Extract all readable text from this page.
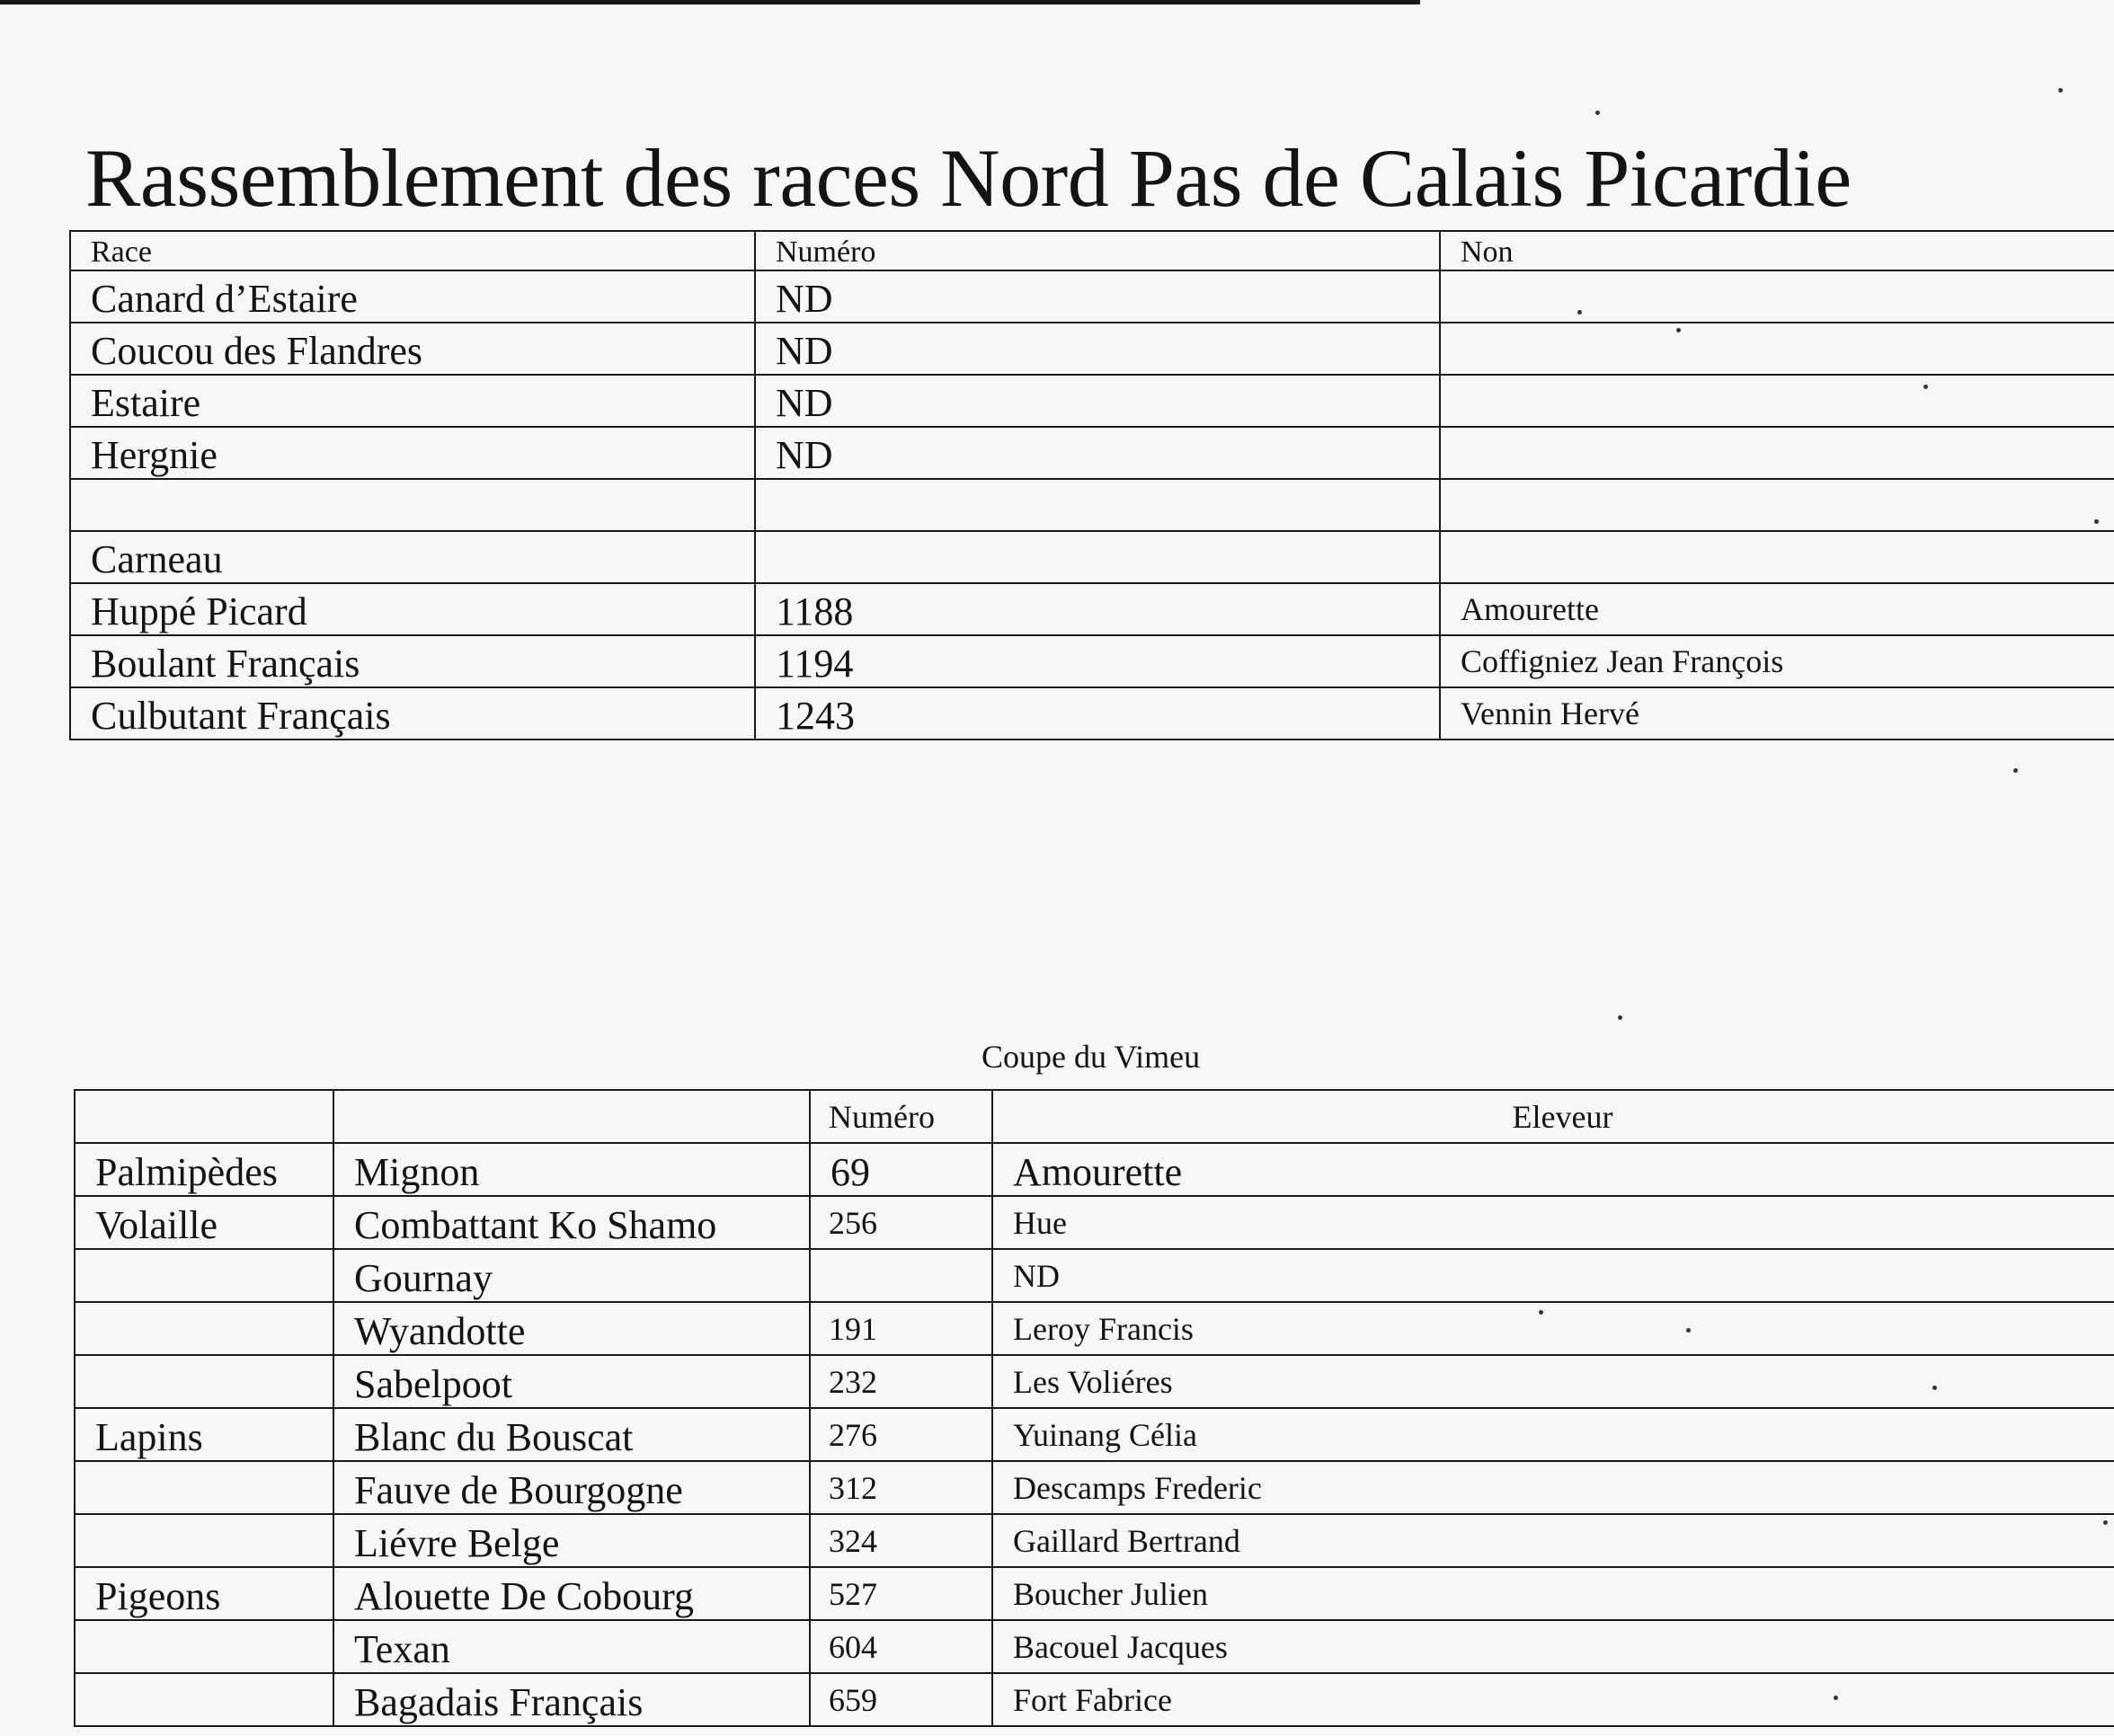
Rassemblement des races Nord Pas de Calais Picardie
Race	Numéro	Non
Canard d’Estaire	ND	
Coucou des Flandres	ND	
Estaire	ND	
Hergnie	ND	

Carneau		
Huppé Picard	1188	Amourette
Boulant Français	1194	Coffigniez Jean François
Culbutant Français	1243	Vennin Hervé
Coupe du Vimeu
		Numéro	Eleveur
Palmipèdes	Mignon	69	Amourette
Volaille	Combattant Ko Shamo	256	Hue
	Gournay		ND
	Wyandotte	191	Leroy Francis
	Sabelpoot	232	Les Voliéres
Lapins	Blanc du Bouscat	276	Yuinang Célia
	Fauve de Bourgogne	312	Descamps Frederic
	Liévre Belge	324	Gaillard Bertrand
Pigeons	Alouette De Cobourg	527	Boucher Julien
	Texan	604	Bacouel Jacques
	Bagadais Français	659	Fort Fabrice
